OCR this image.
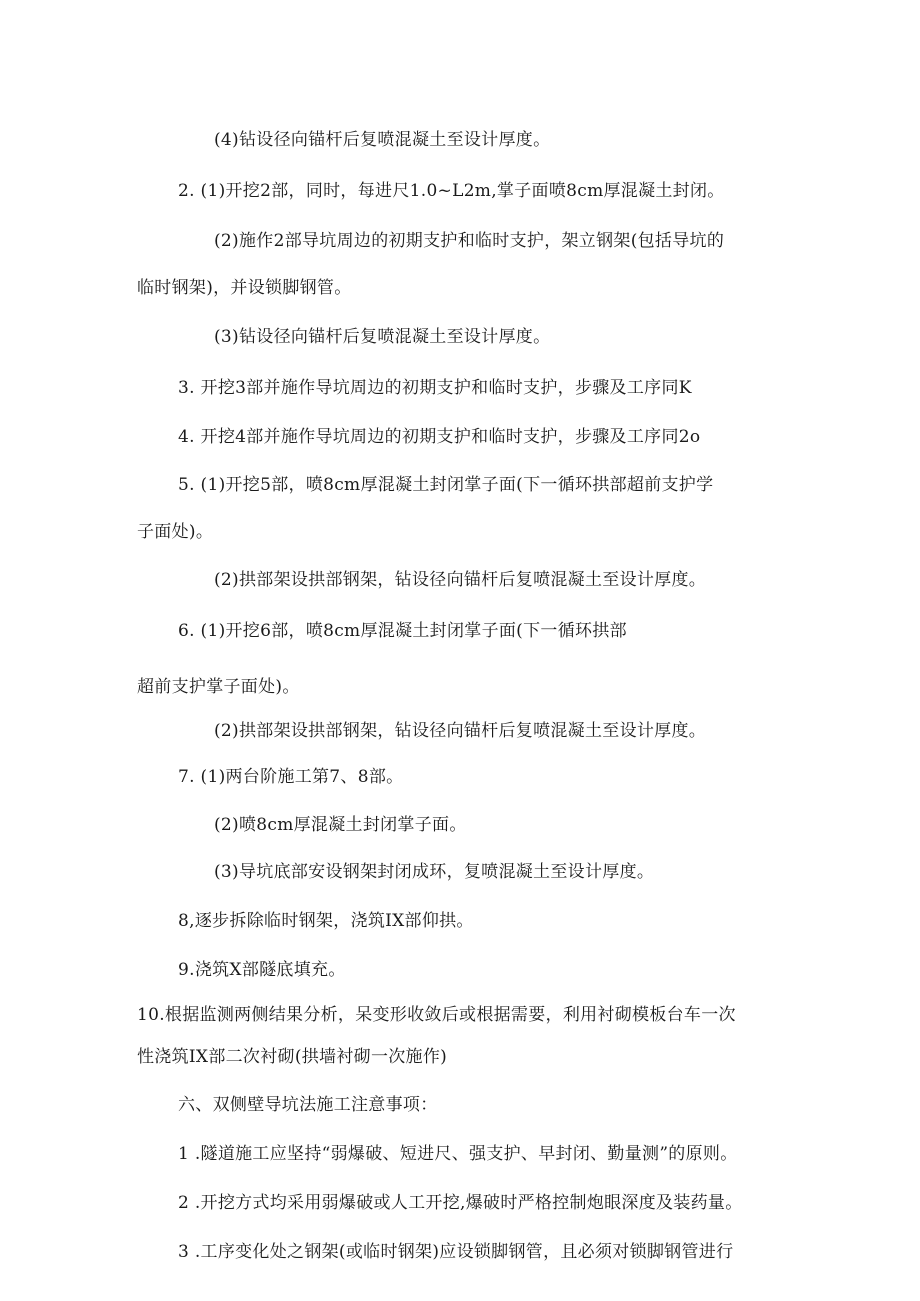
(4)钻设径向锚杆后复喷混凝土至设计厚度。
2. (1)开挖2部，同时，每进尺1.0~L2m,掌子面喷8cm厚混凝土封闭。
(2)施作2部导坑周边的初期支护和临时支护，架立钢架(包括导坑的
临时钢架)，并设锁脚钢管。
(3)钻设径向锚杆后复喷混凝土至设计厚度。
3. 开挖3部并施作导坑周边的初期支护和临时支护，步骤及工序同K
4. 开挖4部并施作导坑周边的初期支护和临时支护，步骤及工序同2o
5. (1)开挖5部，喷8cm厚混凝土封闭掌子面(下一循环拱部超前支护学
子面处)。
(2)拱部架设拱部钢架，钻设径向锚杆后复喷混凝土至设计厚度。
6. (1)开挖6部，喷8cm厚混凝土封闭掌子面(下一循环拱部
超前支护掌子面处)。
(2)拱部架设拱部钢架，钻设径向锚杆后复喷混凝土至设计厚度。
7. (1)两台阶施工第7、8部。
(2)喷8cm厚混凝土封闭掌子面。
(3)导坑底部安设钢架封闭成环，复喷混凝土至设计厚度。
8,逐步拆除临时钢架，浇筑IX部仰拱。
9.浇筑X部隧底填充。
10.根据监测两侧结果分析，呆变形收敛后或根据需要，利用衬砌模板台车一次
性浇筑IX部二次衬砌(拱墙衬砌一次施作)
六、双侧壁导坑法施工注意事项：
1 .隧道施工应坚持“弱爆破、短进尺、强支护、早封闭、勤量测”的原则。
2 .开挖方式均采用弱爆破或人工开挖,爆破时严格控制炮眼深度及装药量。
3 .工序变化处之钢架(或临时钢架)应设锁脚钢管，且必须对锁脚钢管进行
